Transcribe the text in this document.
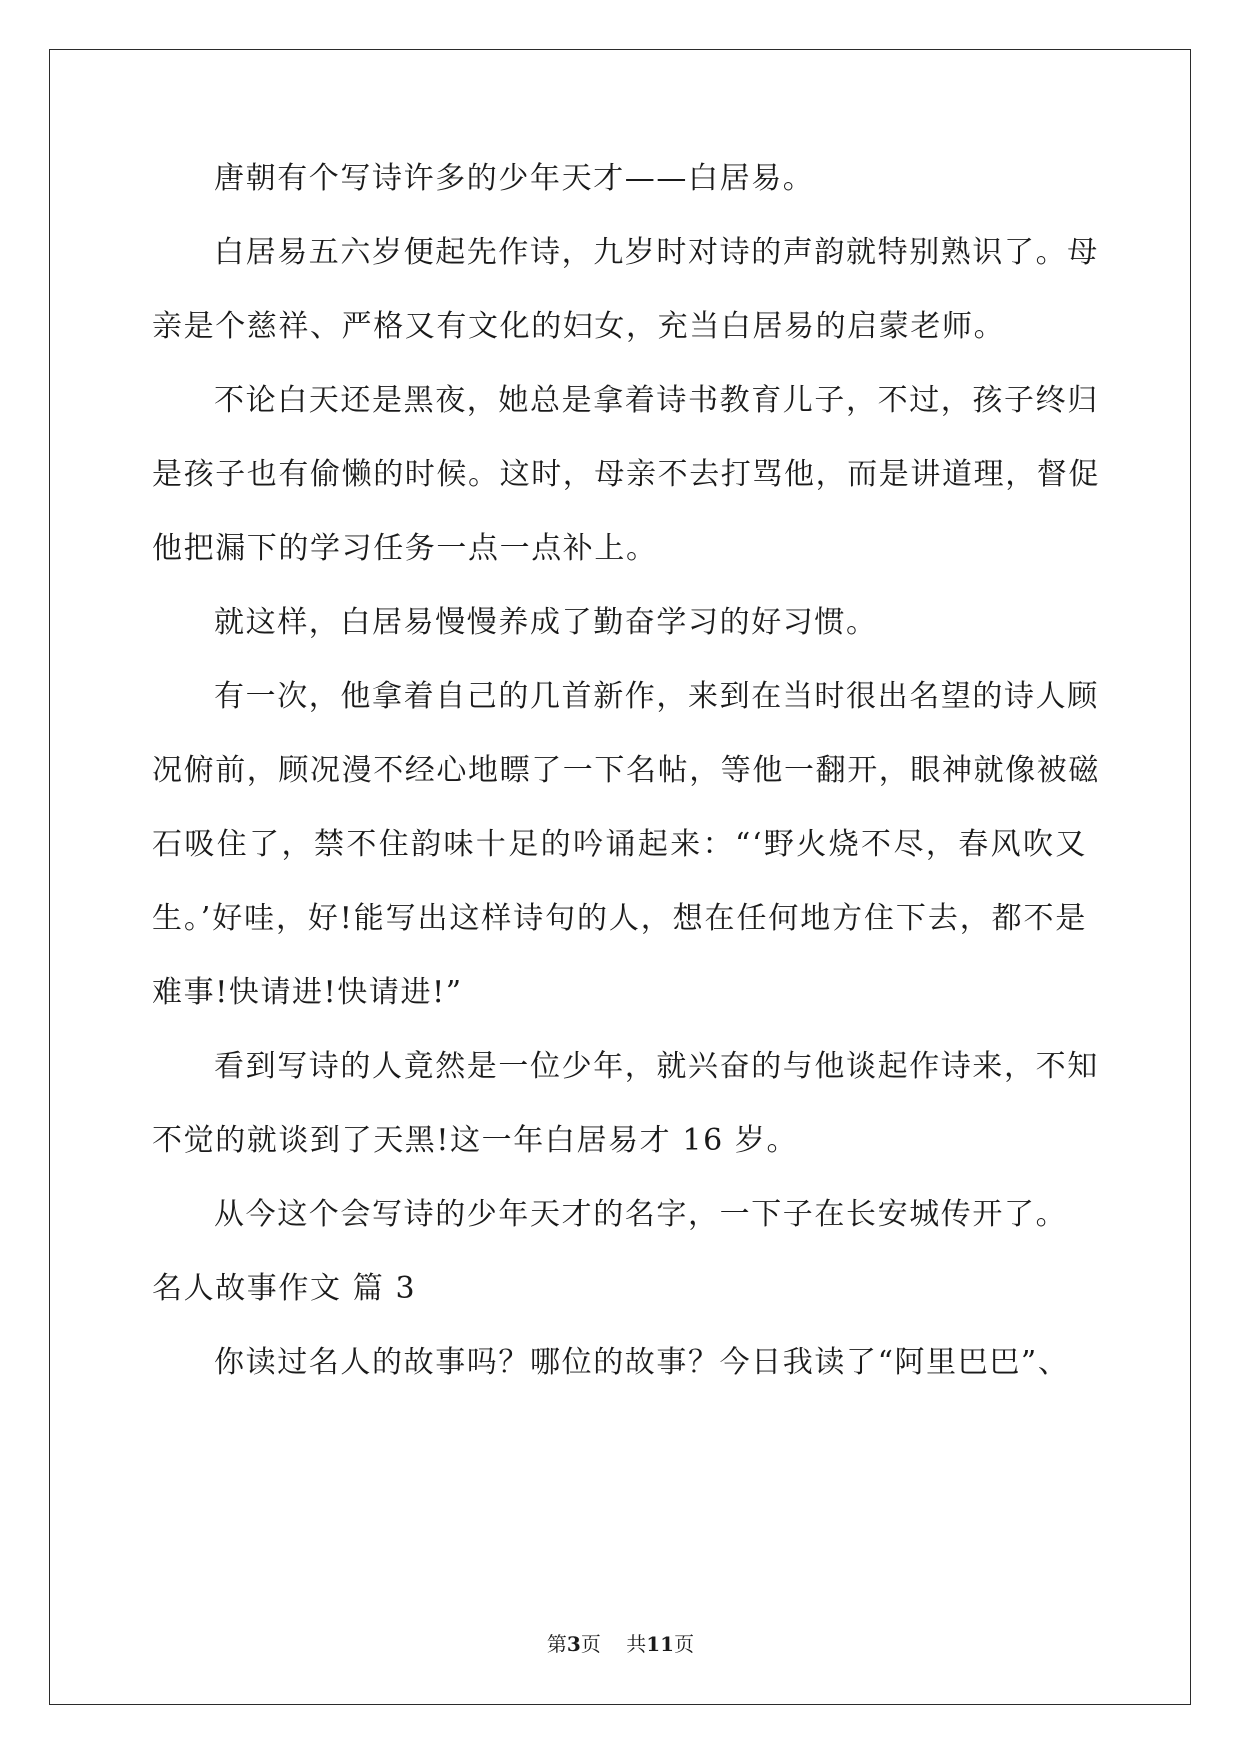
唐朝有个写诗许多的少年天才——白居易。
白居易五六岁便起先作诗，九岁时对诗的声韵就特别熟识了。母
亲是个慈祥、严格又有文化的妇女，充当白居易的启蒙老师。
不论白天还是黑夜，她总是拿着诗书教育儿子，不过，孩子终归
是孩子也有偷懒的时候。这时，母亲不去打骂他，而是讲道理，督促
他把漏下的学习任务一点一点补上。
就这样，白居易慢慢养成了勤奋学习的好习惯。
有一次，他拿着自己的几首新作，来到在当时很出名望的诗人顾
况俯前，顾况漫不经心地瞟了一下名帖，等他一翻开，眼神就像被磁
石吸住了，禁不住韵味十足的吟诵起来：“‘野火烧不尽，春风吹又
生。’好哇，好!能写出这样诗句的人，想在任何地方住下去，都不是
难事!快请进!快请进!”
看到写诗的人竟然是一位少年，就兴奋的与他谈起作诗来，不知
不觉的就谈到了天黑!这一年白居易才 16 岁。
从今这个会写诗的少年天才的名字，一下子在长安城传开了。
名人故事作文 篇 3
你读过名人的故事吗？哪位的故事？今日我读了“阿里巴巴”、
第3页 共11页
